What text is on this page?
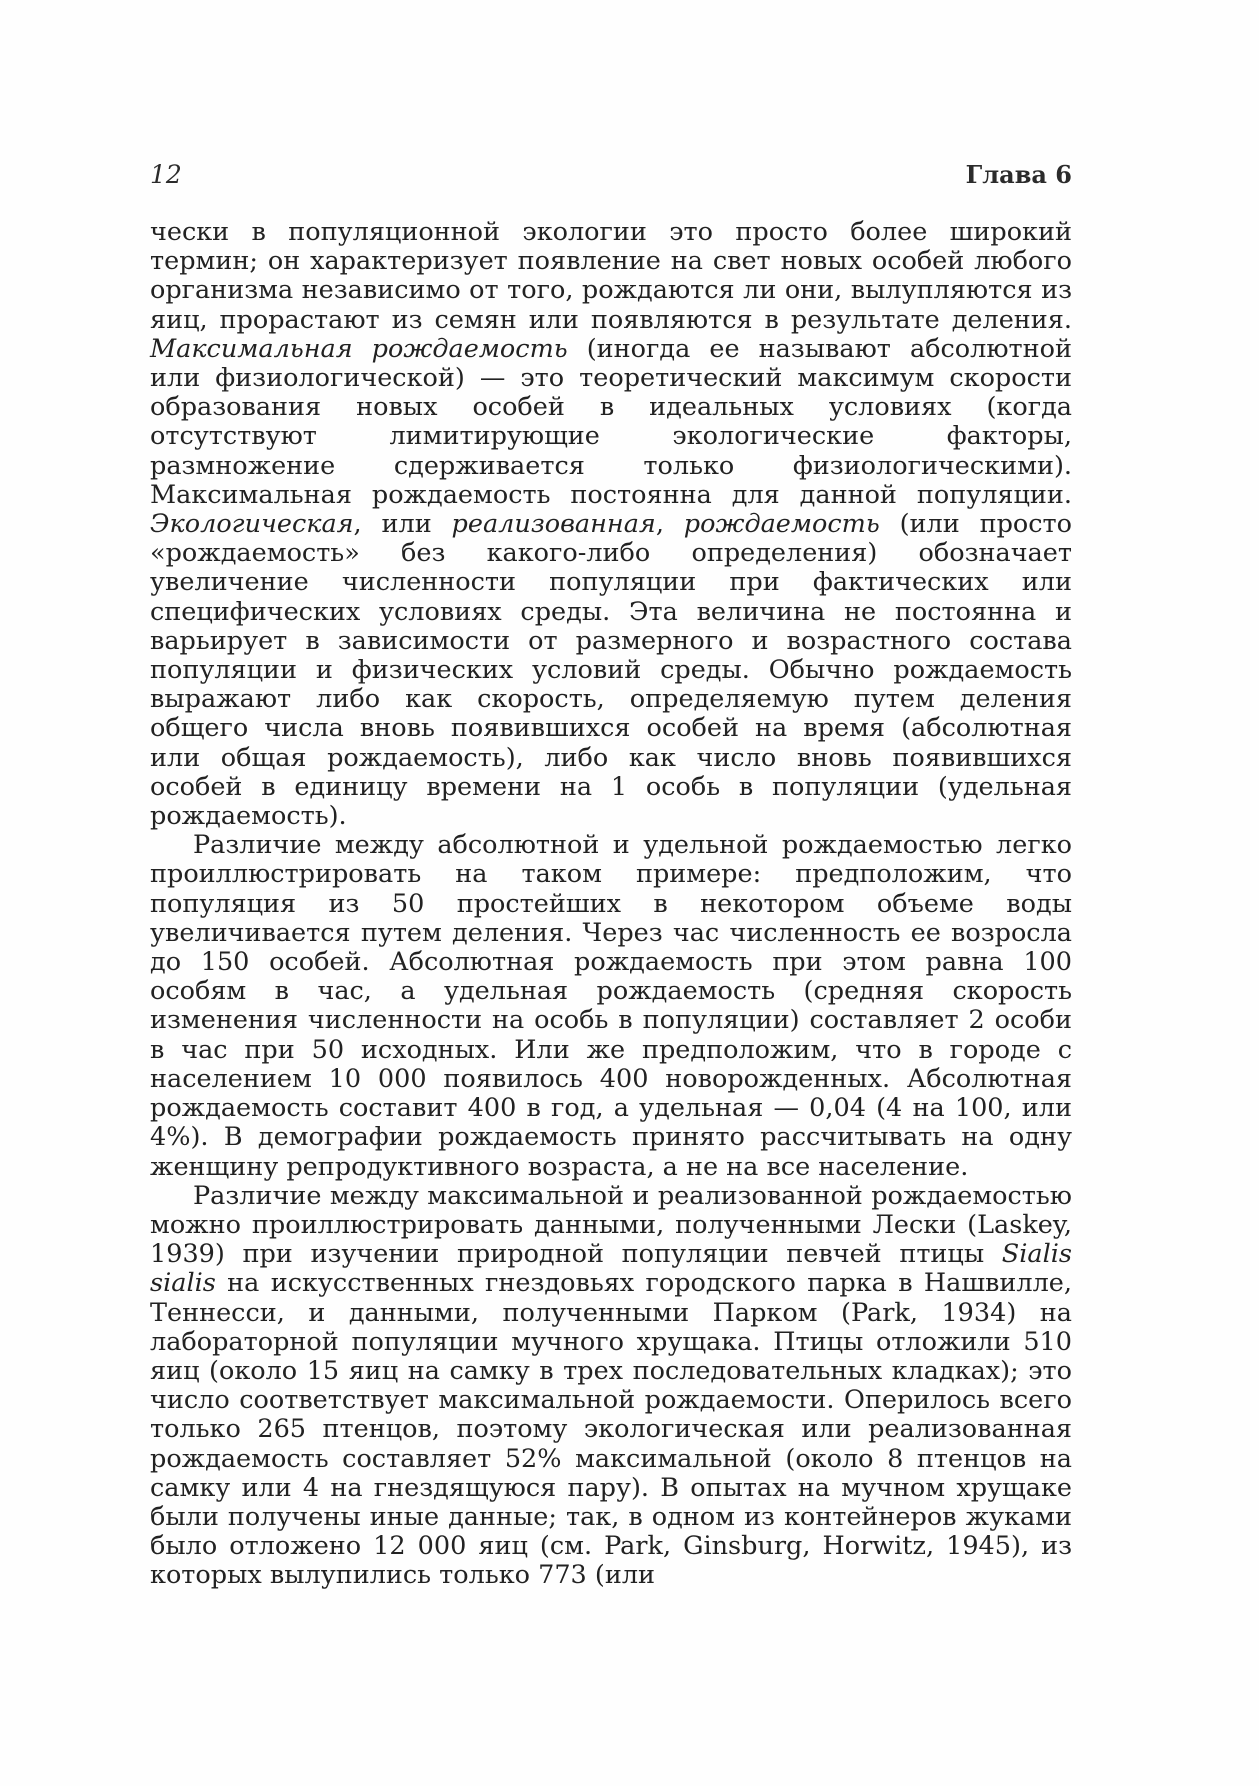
12	Глава 6

чески в популяционной экологии это просто более широкий термин; он характеризует появление на свет новых особей любого организма независимо от того, рождаются ли они, вылупляются из яиц, прорастают из семян или появляются в результате деления. Максимальная рождаемость (иногда ее называют абсолютной или физиологической) — это теоретический максимум скорости образования новых особей в идеальных условиях (когда отсутствуют лимитирующие экологические факторы, размножение сдерживается только физиологическими). Максимальная рождаемость постоянна для данной популяции. Экологическая, или реализованная, рождаемость (или просто «рождаемость» без какого-либо определения) обозначает увеличение численности популяции при фактических или специфических условиях среды. Эта величина не постоянна и варьирует в зависимости от размерного и возрастного состава популяции и физических условий среды. Обычно рождаемость выражают либо как скорость, определяемую путем деления общего числа вновь появившихся особей на время (абсолютная или общая рождаемость), либо как число вновь появившихся особей в единицу времени на 1 особь в популяции (удельная рождаемость).

Различие между абсолютной и удельной рождаемостью легко проиллюстрировать на таком примере: предположим, что популяция из 50 простейших в некотором объеме воды увеличивается путем деления. Через час численность ее возросла до 150 особей. Абсолютная рождаемость при этом равна 100 особям в час, а удельная рождаемость (средняя скорость изменения численности на особь в популяции) составляет 2 особи в час при 50 исходных. Или же предположим, что в городе с населением 10 000 появилось 400 новорожденных. Абсолютная рождаемость составит 400 в год, а удельная — 0,04 (4 на 100, или 4%). В демографии рождаемость принято рассчитывать на одну женщину репродуктивного возраста, а не на все население.

Различие между максимальной и реализованной рождаемостью можно проиллюстрировать данными, полученными Лески (Laskey, 1939) при изучении природной популяции певчей птицы Sialis sialis на искусственных гнездовьях городского парка в Нашвилле, Теннесси, и данными, полученными Парком (Park, 1934) на лабораторной популяции мучного хрущака. Птицы отложили 510 яиц (около 15 яиц на самку в трех последовательных кладках); это число соответствует максимальной рождаемости. Оперилось всего только 265 птенцов, поэтому экологическая или реализованная рождаемость составляет 52% максимальной (около 8 птенцов на самку или 4 на гнездящуюся пару). В опытах на мучном хрущаке были получены иные данные; так, в одном из контейнеров жуками было отложено 12 000 яиц (см. Park, Ginsburg, Horwitz, 1945), из которых вылупились только 773 (или
